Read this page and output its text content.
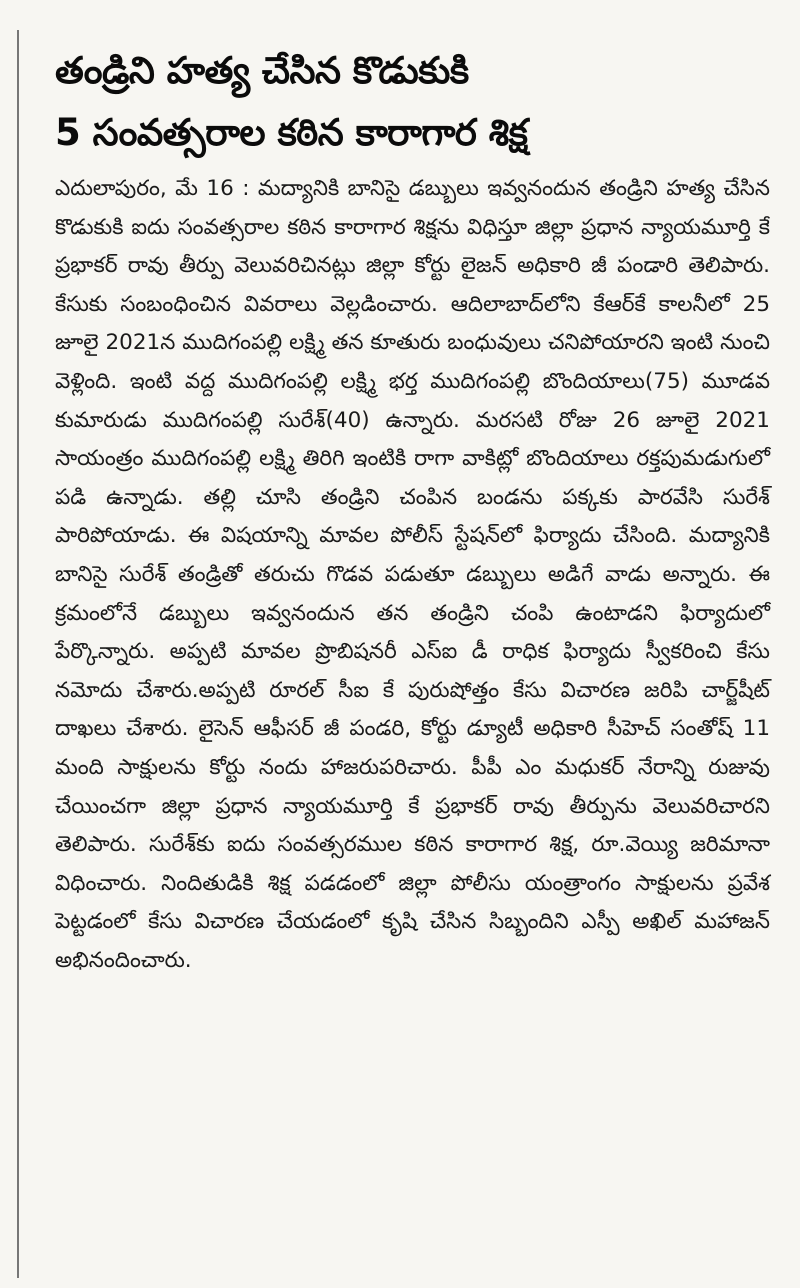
తండ్రిని హత్య చేసిన కొడుకుకి
5 సంవత్సరాల కఠిన కారాగార శిక్ష

ఎదులాపురం, మే 16 : మద్యానికి బానిసై డబ్బులు ఇవ్వనందున తండ్రిని హత్య చేసిన కొడుకుకి ఐదు సంవత్సరాల కఠిన కారాగార శిక్షను విధిస్తూ జిల్లా ప్రధాన న్యాయమూర్తి కే ప్రభాకర్ రావు తీర్పు వెలువరిచినట్లు జిల్లా కోర్టు లైజన్ అధికారి జీ పండారి తెలిపారు. కేసుకు సంబంధించిన వివరాలు వెల్లడించారు. ఆదిలాబాద్‌లోని కేఆర్‌కే కాలనీలో 25 జూలై 2021న ముదిగంపల్లి లక్ష్మి తన కూతురు బంధువులు చనిపోయారని ఇంటి నుంచి వెళ్లింది. ఇంటి వద్ద ముదిగంపల్లి లక్ష్మి భర్త ముదిగంపల్లి బొందియాలు(75) మూడవ కుమారుడు ముదిగంపల్లి సురేశ్(40) ఉన్నారు. మరసటి రోజు 26 జూలై 2021 సాయంత్రం ముదిగంపల్లి లక్ష్మి తిరిగి ఇంటికి రాగా వాకిట్లో బొందియాలు రక్తపుమడుగులో పడి ఉన్నాడు. తల్లి చూసి తండ్రిని చంపిన బండను పక్కకు పారవేసి సురేశ్ పారిపోయాడు. ఈ విషయాన్ని మావల పోలీస్ స్టేషన్‌లో ఫిర్యాదు చేసింది. మద్యానికి బానిసై సురేశ్ తండ్రితో తరుచు గొడవ పడుతూ డబ్బులు అడిగే వాడు అన్నారు. ఈ క్రమంలోనే డబ్బులు ఇవ్వనందున తన తండ్రిని చంపి ఉంటాడని ఫిర్యాదులో పేర్కొన్నారు. అప్పటి మావల ప్రొబిషనరీ ఎస్ఐ డీ రాధిక ఫిర్యాదు స్వీకరించి కేసు నమోదు చేశారు.అప్పటి రూరల్ సీఐ కే పురుషోత్తం కేసు విచారణ జరిపి చార్జ్‌షీట్ దాఖలు చేశారు. లైసెన్ ఆఫీసర్ జీ పండరి, కోర్టు డ్యూటీ అధికారి సీహెచ్ సంతోష్ 11 మంది సాక్షులను కోర్టు నందు హాజరుపరిచారు. పీపీ ఎం మధుకర్ నేరాన్ని రుజువు చేయించగా జిల్లా ప్రధాన న్యాయమూర్తి కే ప్రభాకర్ రావు తీర్పును వెలువరిచారని తెలిపారు. సురేశ్‌కు ఐదు సంవత్సరముల కఠిన కారాగార శిక్ష, రూ.వెయ్యి జరిమానా విధించారు. నిందితుడికి శిక్ష పడడంలో జిల్లా పోలీసు యంత్రాంగం సాక్షులను ప్రవేశ పెట్టడంలో కేసు విచారణ చేయడంలో కృషి చేసిన సిబ్బందిని ఎస్పీ అఖిల్ మహాజన్ అభినందించారు.
